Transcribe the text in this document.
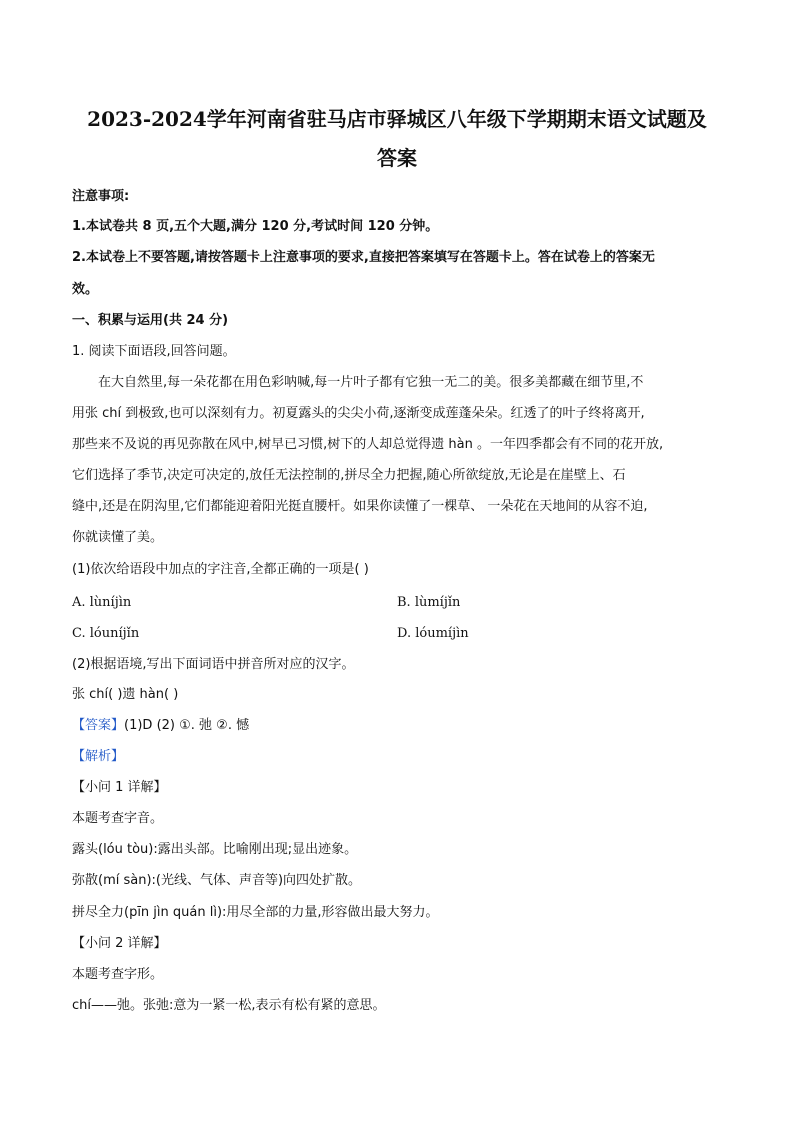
2023-2024学年河南省驻马店市驿城区八年级下学期期末语文试题及
答案

注意事项:

1.本试卷共 8 页,五个大题,满分 120 分,考试时间 120 分钟。

2.本试卷上不要答题,请按答题卡上注意事项的要求,直接把答案填写在答题卡上。答在试卷上的答案无

效。

一、积累与运用(共 24 分)

1. 阅读下面语段,回答问题。

在大自然里,每一朵花都在用色彩呐喊,每一片叶子都有它独一无二的美。很多美都藏在细节里,不

用张 chí 到极致,也可以深刻有力。初夏露头的尖尖小荷,逐渐变成莲蓬朵朵。红透了的叶子终将离开,

那些来不及说的再见弥散在风中,树早已习惯,树下的人却总觉得遗 hàn 。一年四季都会有不同的花开放,

它们选择了季节,决定可决定的,放任无法控制的,拼尽全力把握,随心所欲绽放,无论是在崖壁上、石

缝中,还是在阴沟里,它们都能迎着阳光挺直腰杆。如果你读懂了一棵草、 一朵花在天地间的从容不迫,

你就读懂了美。

(1)依次给语段中加点的字注音,全都正确的一项是( )

A. lùníjìn	B. lùmíjǐn
C. lóuníjǐn	D. lóumíjìn

(2)根据语境,写出下面词语中拼音所对应的汉字。

张 chí( )遗 hàn( )

【答案】(1)D (2) ①. 弛 ②. 憾

【解析】

【小问 1 详解】

本题考查字音。

露头(lóu tòu):露出头部。比喻刚出现;显出迹象。

弥散(mí sàn):(光线、气体、声音等)向四处扩散。

拼尽全力(pīn jìn quán lì):用尽全部的力量,形容做出最大努力。

【小问 2 详解】

本题考查字形。

chí——弛。张弛:意为一紧一松,表示有松有紧的意思。
